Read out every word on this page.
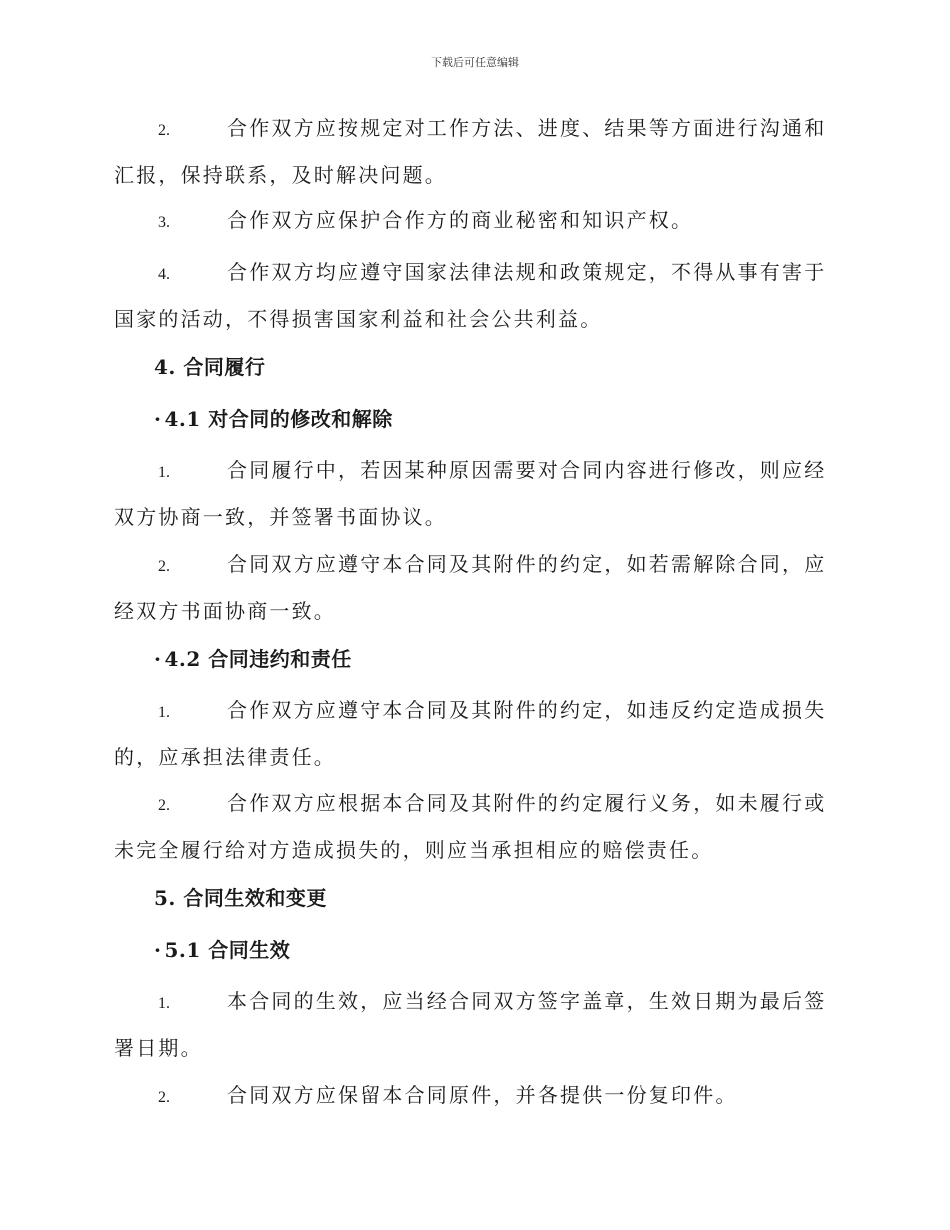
下载后可任意编辑
2.	合作双方应按规定对工作方法、进度、结果等方面进行沟通和汇报，保持联系，及时解决问题。
3.	合作双方应保护合作方的商业秘密和知识产权。
4.	合作双方均应遵守国家法律法规和政策规定，不得从事有害于国家的活动，不得损害国家利益和社会公共利益。
4. 合同履行
· 4.1 对合同的修改和解除
1.	合同履行中，若因某种原因需要对合同内容进行修改，则应经双方协商一致，并签署书面协议。
2.	合同双方应遵守本合同及其附件的约定，如若需解除合同，应经双方书面协商一致。
· 4.2 合同违约和责任
1.	合作双方应遵守本合同及其附件的约定，如违反约定造成损失的，应承担法律责任。
2.	合作双方应根据本合同及其附件的约定履行义务，如未履行或未完全履行给对方造成损失的，则应当承担相应的赔偿责任。
5. 合同生效和变更
· 5.1 合同生效
1.	本合同的生效，应当经合同双方签字盖章，生效日期为最后签署日期。
2.	合同双方应保留本合同原件，并各提供一份复印件。
